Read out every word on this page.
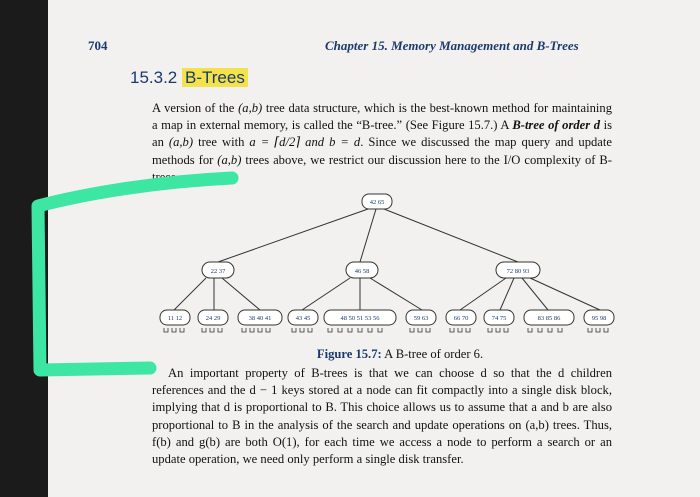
704	Chapter 15. Memory Management and B-Trees
15.3.2 B-Trees
A version of the (a,b) tree data structure, which is the best-known method for maintaining a map in external memory, is called the “B-tree.” (See Figure 15.7.) A B-tree of order d is an (a,b) tree with a = ⌈d/2⌉ and b = d. Since we discussed the map query and update methods for (a,b) trees above, we restrict our discussion here to the I/O complexity of B-trees.
42 65
22 37	46 58	72 80 93
11 12	24 29	38 40 41	43 45	48 50 51 53 56	59 63	66 70	74 75	83 85 86	95 98
Figure 15.7: A B-tree of order 6.
An important property of B-trees is that we can choose d so that the d children references and the d − 1 keys stored at a node can fit compactly into a single disk block, implying that d is proportional to B. This choice allows us to assume that a and b are also proportional to B in the analysis of the search and update operations on (a,b) trees. Thus, f(b) and g(b) are both O(1), for each time we access a node to perform a search or an update operation, we need only perform a single disk transfer.
